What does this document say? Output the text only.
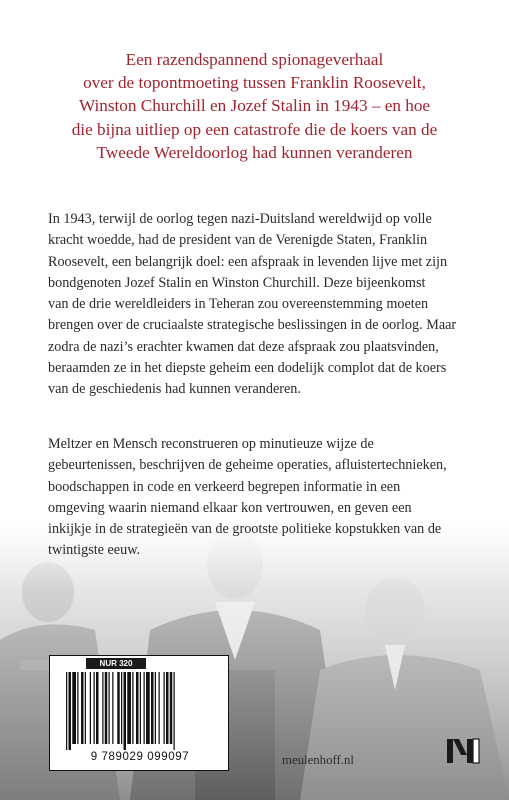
Een razendspannend spionageverhaal
over de topontmoeting tussen Franklin Roosevelt,
Winston Churchill en Jozef Stalin in 1943 – en hoe
die bijna uitliep op een catastrofe die de koers van de
Tweede Wereldoorlog had kunnen veranderen
In 1943, terwijl de oorlog tegen nazi-Duitsland wereldwijd op volle
kracht woedde, had de president van de Verenigde Staten, Franklin
Roosevelt, een belangrijk doel: een afspraak in levenden lijve met zijn
bondgenoten Jozef Stalin en Winston Churchill. Deze bijeenkomst
van de drie wereldleiders in Teheran zou overeenstemming moeten
brengen over de cruciaalste strategische beslissingen in de oorlog. Maar
zodra de nazi’s erachter kwamen dat deze afspraak zou plaatsvinden,
beraamden ze in het diepste geheim een dodelijk complot dat de koers
van de geschiedenis had kunnen veranderen.
Meltzer en Mensch reconstrueren op minutieuze wijze de
gebeurtenissen, beschrijven de geheime operaties, afluistertechnieken,
boodschappen in code en verkeerd begrepen informatie in een
omgeving waarin niemand elkaar kon vertrouwen, en geven een
inkijkje in de strategieën van de grootste politieke kopstukken van de
twintigste eeuw.
NUR 320
9 789029 099097	meulenhoff.nl
